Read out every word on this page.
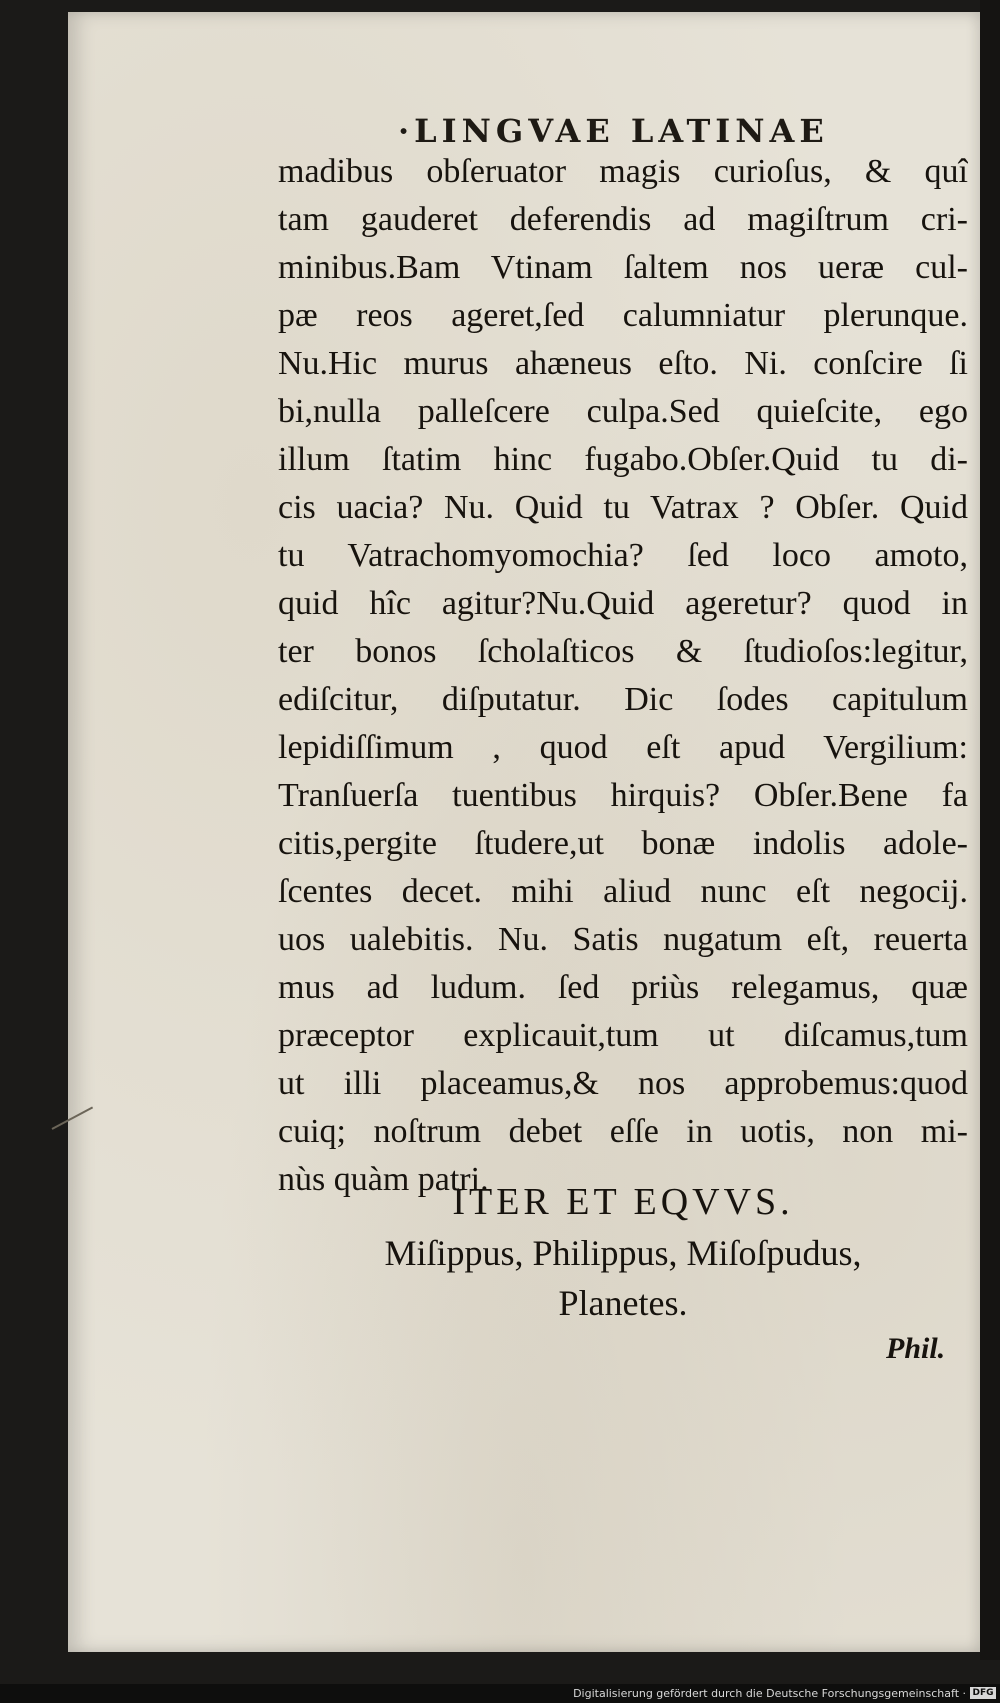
·LINGVAE LATINAE
madibus obſeruator magis curioſus, & quî
tam gauderet deferendis ad magiſtrum cri-
minibus.Bam Vtinam ſaltem nos ueræ cul-
pæ reos ageret,ſed calumniatur plerunque.
Nu.Hic murus ahæneus eſto. Ni. conſcire ſi
bi,nulla palleſcere culpa.Sed quieſcite, ego
illum ſtatim hinc fugabo.Obſer.Quid tu di-
cis uacia? Nu. Quid tu Vatrax ? Obſer. Quid
tu Vatrachomyomochia? ſed loco amoto,
quid hîc agitur?Nu.Quid ageretur? quod in
ter bonos ſcholaſticos & ſtudioſos:legitur,
ediſcitur, diſputatur. Dic ſodes capitulum
lepidiſſimum , quod eſt apud Vergilium:
Tranſuerſa tuentibus hirquis? Obſer.Bene fa
citis,pergite ſtudere,ut bonæ indolis adole-
ſcentes decet. mihi aliud nunc eſt negocij.
uos ualebitis. Nu. Satis nugatum eſt, reuerta
mus ad ludum. ſed priùs relegamus, quæ
præceptor explicauit,tum ut diſcamus,tum
ut illi placeamus,& nos approbemus:quod
cuiq; noſtrum debet eſſe in uotis, non mi-
nùs quàm patri.
ITER ET EQVVS.
Miſippus, Philippus, Miſoſpudus,
Planetes.
Phil.
Digitalisierung gefördert durch die Deutsche Forschungsgemeinschaft · DFG
